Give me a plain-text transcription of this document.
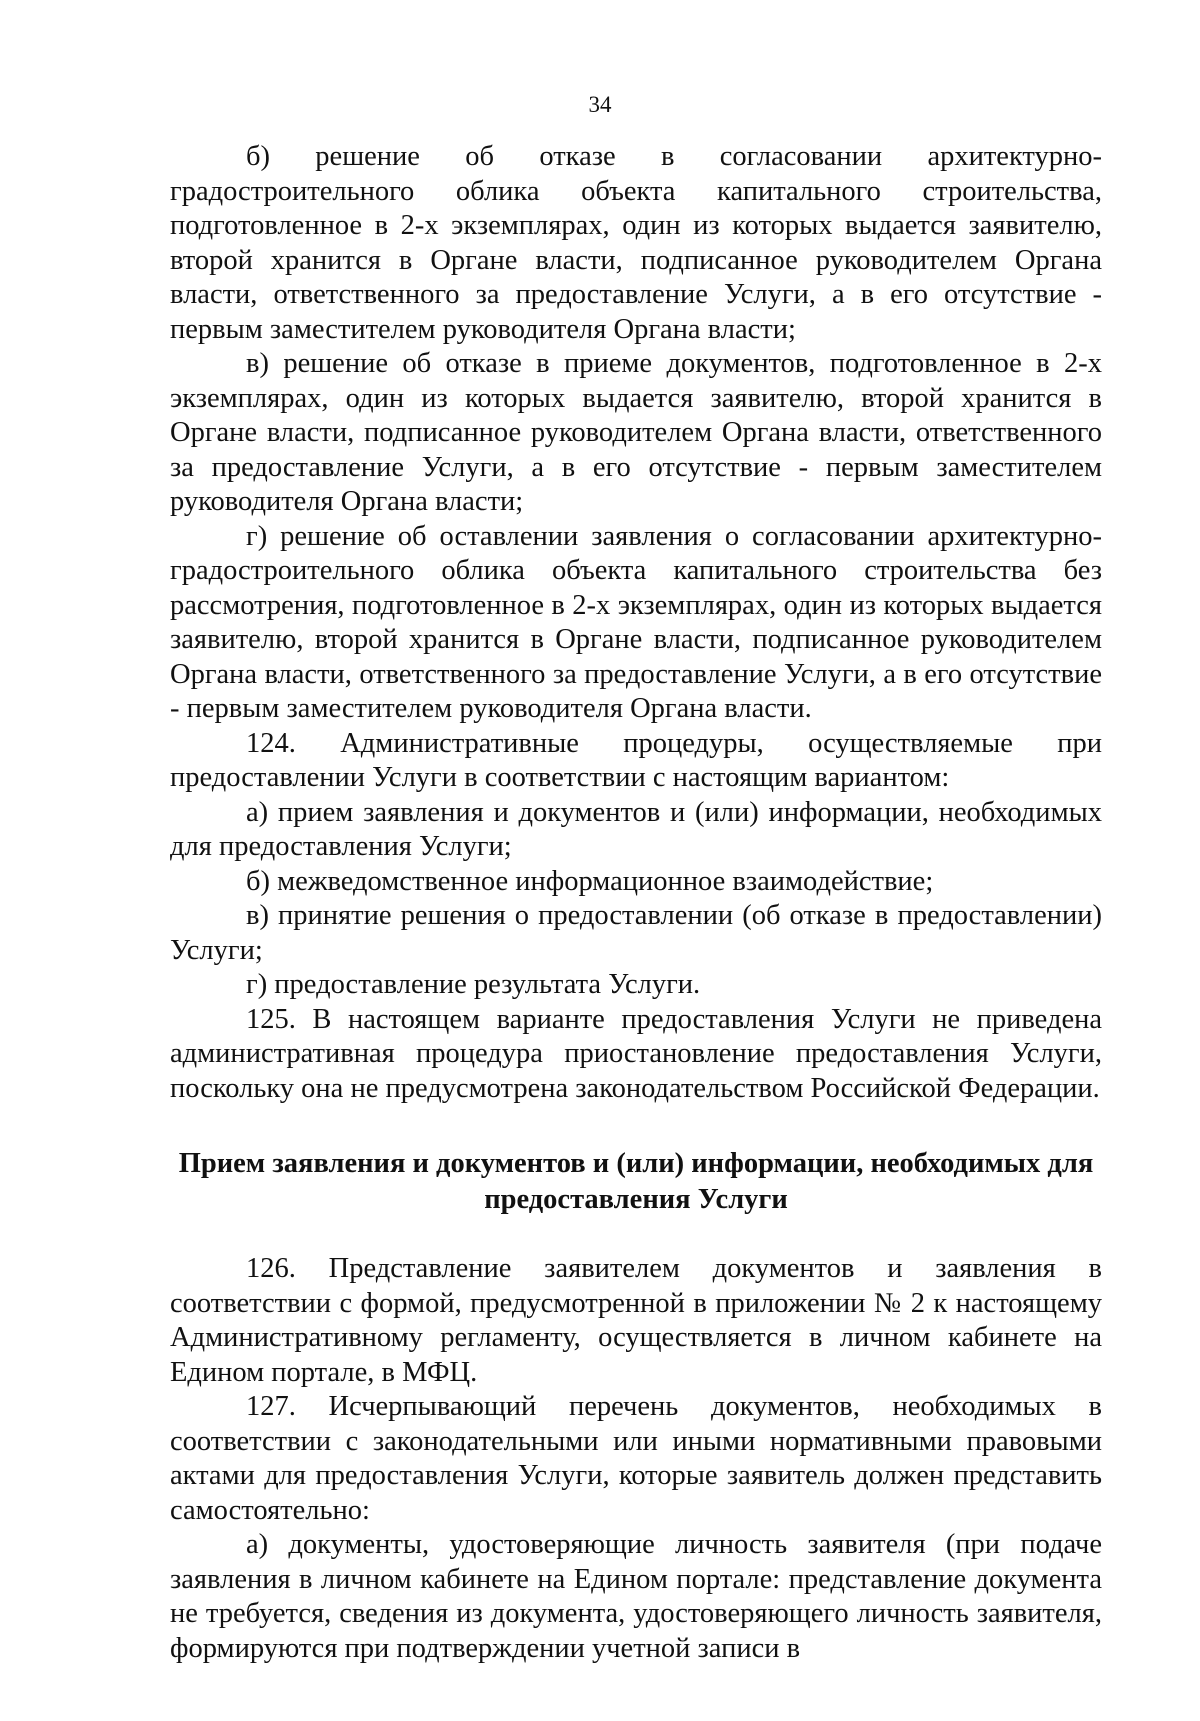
34

б) решение об отказе в согласовании архитектурно-градостроительного облика объекта капитального строительства, подготовленное в 2-х экземплярах, один из которых выдается заявителю, второй хранится в Органе власти, подписанное руководителем Органа власти, ответственного за предоставление Услуги, а в его отсутствие - первым заместителем руководителя Органа власти;

в) решение об отказе в приеме документов, подготовленное в 2-х экземплярах, один из которых выдается заявителю, второй хранится в Органе власти, подписанное руководителем Органа власти, ответственного за предоставление Услуги, а в его отсутствие - первым заместителем руководителя Органа власти;

г) решение об оставлении заявления о согласовании архитектурно-градостроительного облика объекта капитального строительства без рассмотрения, подготовленное в 2-х экземплярах, один из которых выдается заявителю, второй хранится в Органе власти, подписанное руководителем Органа власти, ответственного за предоставление Услуги, а в его отсутствие - первым заместителем руководителя Органа власти.

124. Административные процедуры, осуществляемые при предоставлении Услуги в соответствии с настоящим вариантом:

а) прием заявления и документов и (или) информации, необходимых для предоставления Услуги;

б) межведомственное информационное взаимодействие;

в) принятие решения о предоставлении (об отказе в предоставлении) Услуги;

г) предоставление результата Услуги.

125. В настоящем варианте предоставления Услуги не приведена административная процедура приостановление предоставления Услуги, поскольку она не предусмотрена законодательством Российской Федерации.

Прием заявления и документов и (или) информации, необходимых для предоставления Услуги

126. Представление заявителем документов и заявления в соответствии с формой, предусмотренной в приложении № 2 к настоящему Административному регламенту, осуществляется в личном кабинете на Едином портале, в МФЦ.

127. Исчерпывающий перечень документов, необходимых в соответствии с законодательными или иными нормативными правовыми актами для предоставления Услуги, которые заявитель должен представить самостоятельно:

а) документы, удостоверяющие личность заявителя (при подаче заявления в личном кабинете на Едином портале: представление документа не требуется, сведения из документа, удостоверяющего личность заявителя, формируются при подтверждении учетной записи в
